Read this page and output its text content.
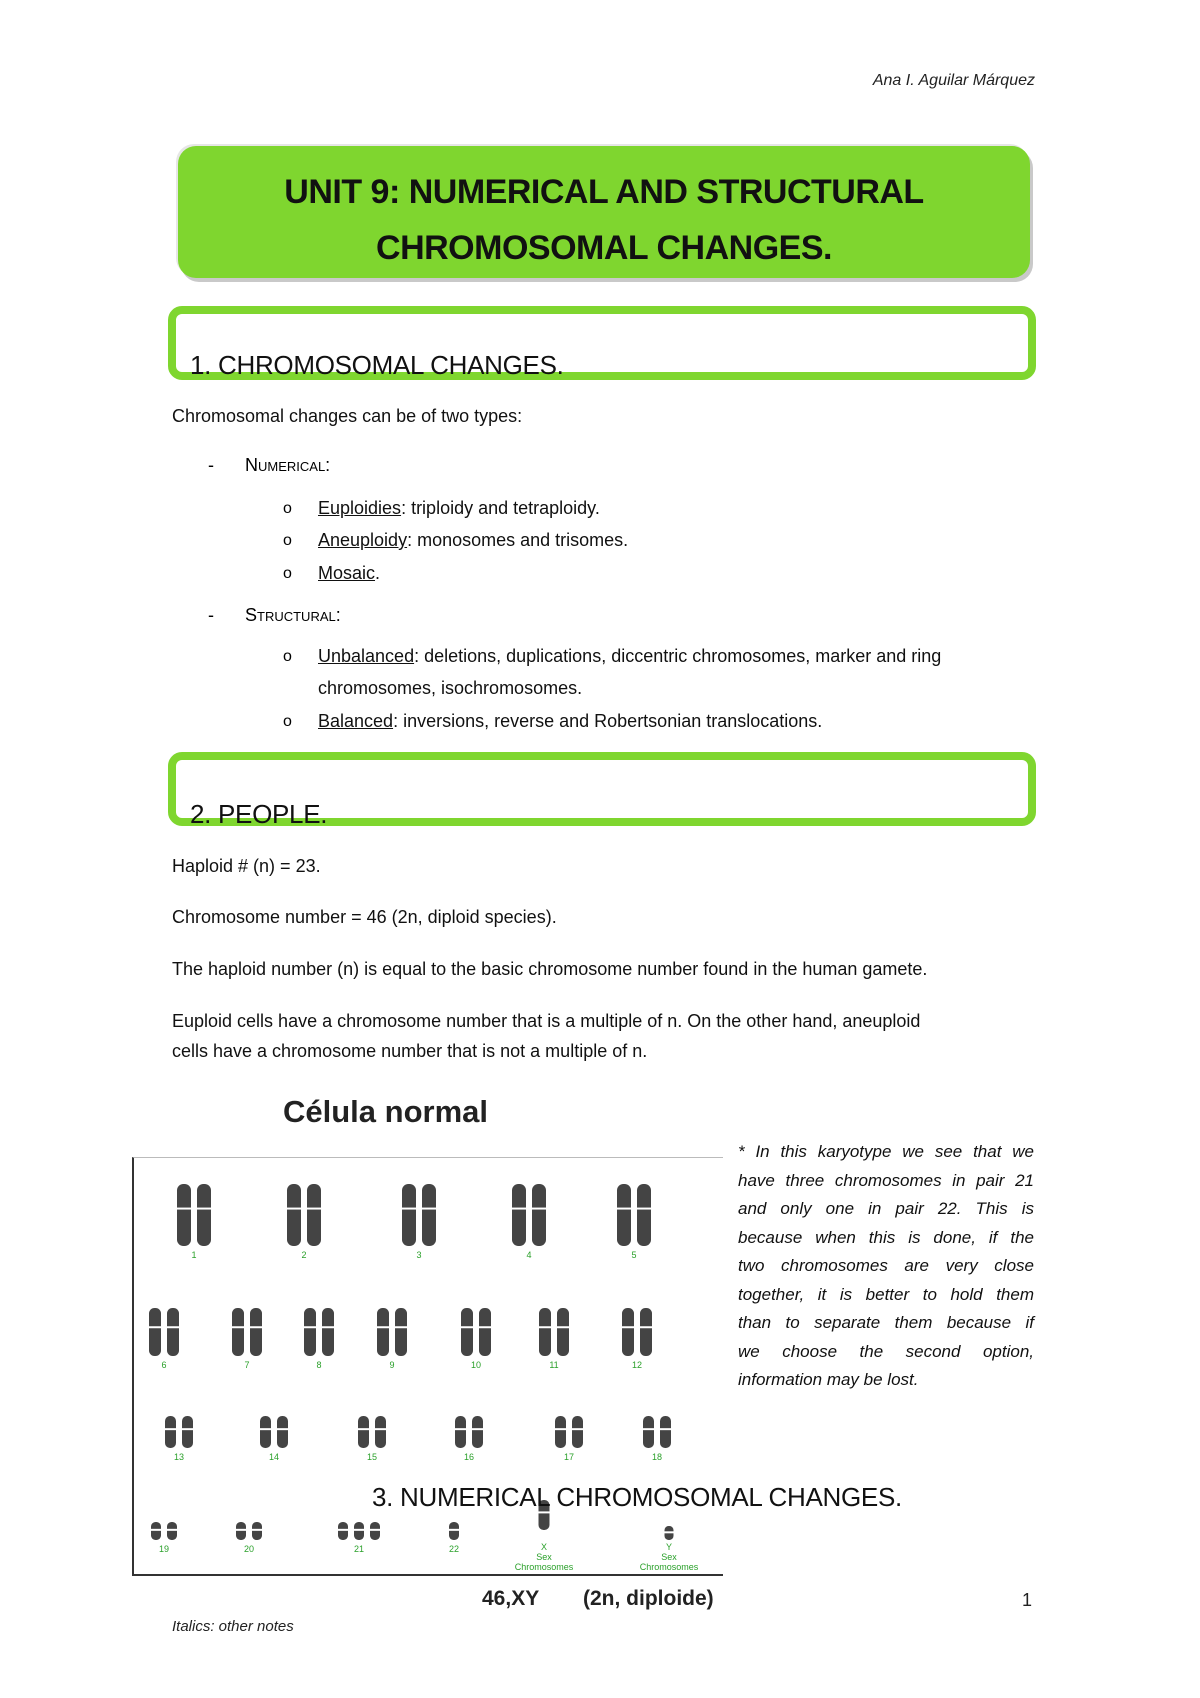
Ana I. Aguilar Márquez
UNIT 9: NUMERICAL AND STRUCTURAL
CHROMOSOMAL CHANGES.
1. CHROMOSOMAL CHANGES.
Chromosomal changes can be of two types:
- Numerical:
o Euploidies: triploidy and tetraploidy.
o Aneuploidy: monosomes and trisomes.
o Mosaic.
- Structural:
o Unbalanced: deletions, duplications, diccentric chromosomes, marker and ring
chromosomes, isochromosomes.
o Balanced: inversions, reverse and Robertsonian translocations.
2. PEOPLE.
Haploid # (n) = 23.
Chromosome number = 46 (2n, diploid species).
The haploid number (n) is equal to the basic chromosome number found in the human gamete.
Euploid cells have a chromosome number that is a multiple of n. On the other hand, aneuploid
cells have a chromosome number that is not a multiple of n.
Célula normal
1	2	3	4	5
6	7	8	9	10	11	12
13	14	15	16	17	18
19	20	21	22	X
Sex
Chromosomes
Y
Sex
Chromosomes
46,XY (2n, diploide)
* In this karyotype we see that we
have three chromosomes in pair 21
and only one in pair 22. This is
because when this is done, if the
two chromosomes are very close
together, it is better to hold them
than to separate them because if
we choose the second option,
information may be lost.
3. NUMERICAL CHROMOSOMAL CHANGES.
Italics: other notes
1
